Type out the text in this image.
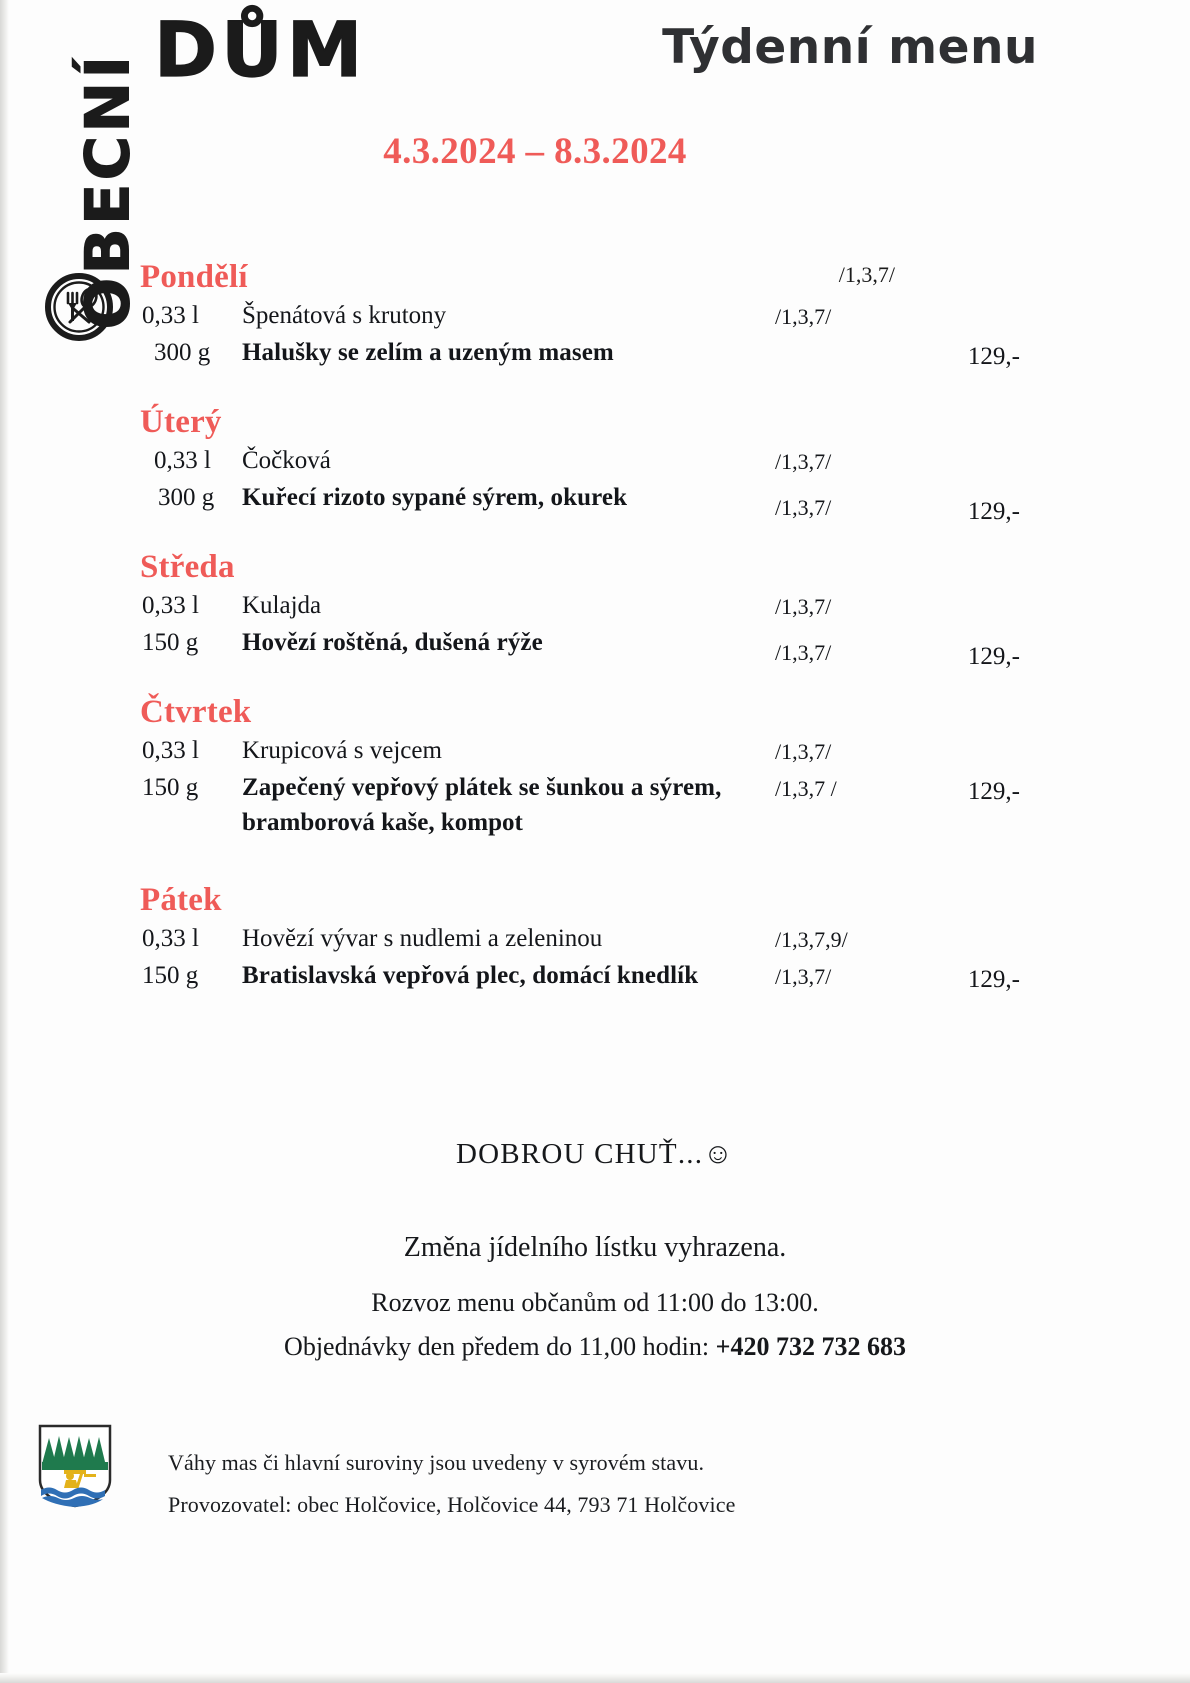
OBECNÍ
DŮM	Týdenní menu
4.3.2024 – 8.3.2024
Pondělí	/1,3,7/
0,33 l	Špenátová s krutony	/1,3,7/
300 g	Halušky se zelím a uzeným masem	129,-
Úterý
0,33 l	Čočková	/1,3,7/
300 g	Kuřecí rizoto sypané sýrem, okurek	/1,3,7/	129,-
Středa
0,33 l	Kulajda	/1,3,7/
150 g	Hovězí roštěná, dušená rýže	/1,3,7/	129,-
Čtvrtek
0,33 l	Krupicová s vejcem	/1,3,7/
150 g	Zapečený vepřový plátek se šunkou a sýrem,	/1,3,7 /	129,-
bramborová kaše, kompot
Pátek
0,33 l	Hovězí vývar s nudlemi a zeleninou	/1,3,7,9/
150 g	Bratislavská vepřová plec, domácí knedlík	/1,3,7/	129,-
DOBROU CHUŤ...☺
Změna jídelního lístku vyhrazena.
Rozvoz menu občanům od 11:00 do 13:00.
Objednávky den předem do 11,00 hodin: +420 732 732 683
Váhy mas či hlavní suroviny jsou uvedeny v syrovém stavu.
Provozovatel: obec Holčovice, Holčovice 44, 793 71 Holčovice
